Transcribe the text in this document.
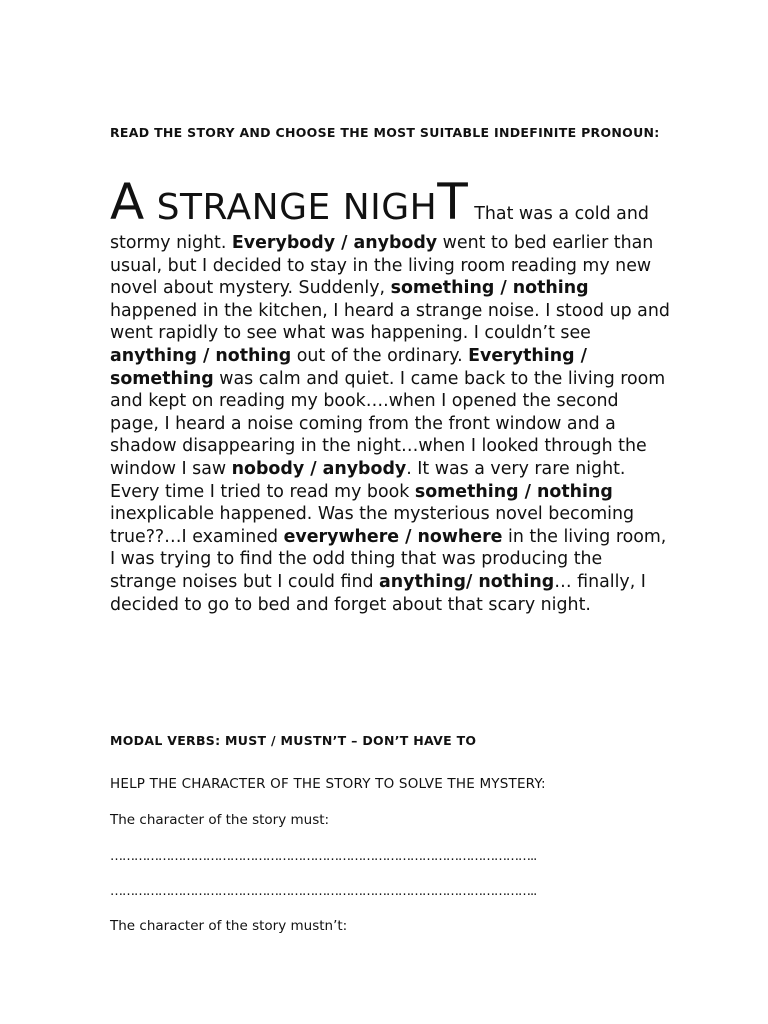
READ THE STORY AND CHOOSE THE MOST SUITABLE INDEFINITE PRONOUN:
A STRANGE NIGHT That was a cold and stormy night. Everybody / anybody went to bed earlier than usual, but I decided to stay in the living room reading my new novel about mystery. Suddenly, something / nothing happened in the kitchen, I heard a strange noise. I stood up and went rapidly to see what was happening. I couldn’t see anything / nothing out of the ordinary. Everything / something was calm and quiet. I came back to the living room and kept on reading my book….when I opened the second page, I heard a noise coming from the front window and a shadow disappearing in the night…when I looked through the window I saw nobody / anybody. It was a very rare night. Every time I tried to read my book something / nothing inexplicable happened. Was the mysterious novel becoming true??…I examined everywhere / nowhere in the living room, I was trying to find the odd thing that was producing the strange noises but I could find anything/ nothing… finally, I decided to go to bed and forget about that scary night.
MODAL VERBS: MUST / MUSTN’T – DON’T HAVE TO
HELP THE CHARACTER OF THE STORY TO SOLVE THE MYSTERY:
The character of the story must:
……………………………………………………………………………………………..
……………………………………………………………………………………………..
The character of the story mustn’t:
